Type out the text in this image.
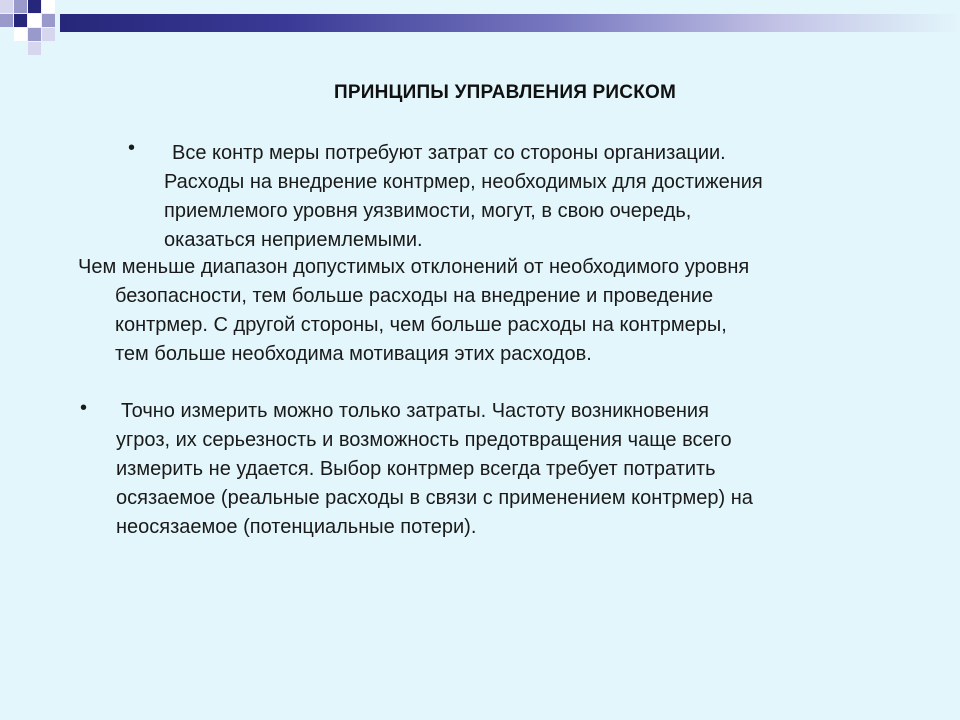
ПРИНЦИПЫ УПРАВЛЕНИЯ РИСКОМ
•	Все контр меры потребуют затрат со стороны организации.
Расходы на внедрение контрмер, необходимых для достижения
приемлемого уровня уязвимости, могут, в свою очередь,
оказаться неприемлемыми.
Чем меньше диапазон допустимых отклонений от необходимого уровня
безопасности, тем больше расходы на внедрение и проведение
контрмер. С другой стороны, чем больше расходы на контрмеры,
тем больше необходима мотивация этих расходов.
• Точно измерить можно только затраты. Частоту возникновения
угроз, их серьезность и возможность предотвращения чаще всего
измерить не удается. Выбор контрмер всегда требует потратить
осязаемое (реальные расходы в связи с применением контрмер) на
неосязаемое (потенциальные потери).
